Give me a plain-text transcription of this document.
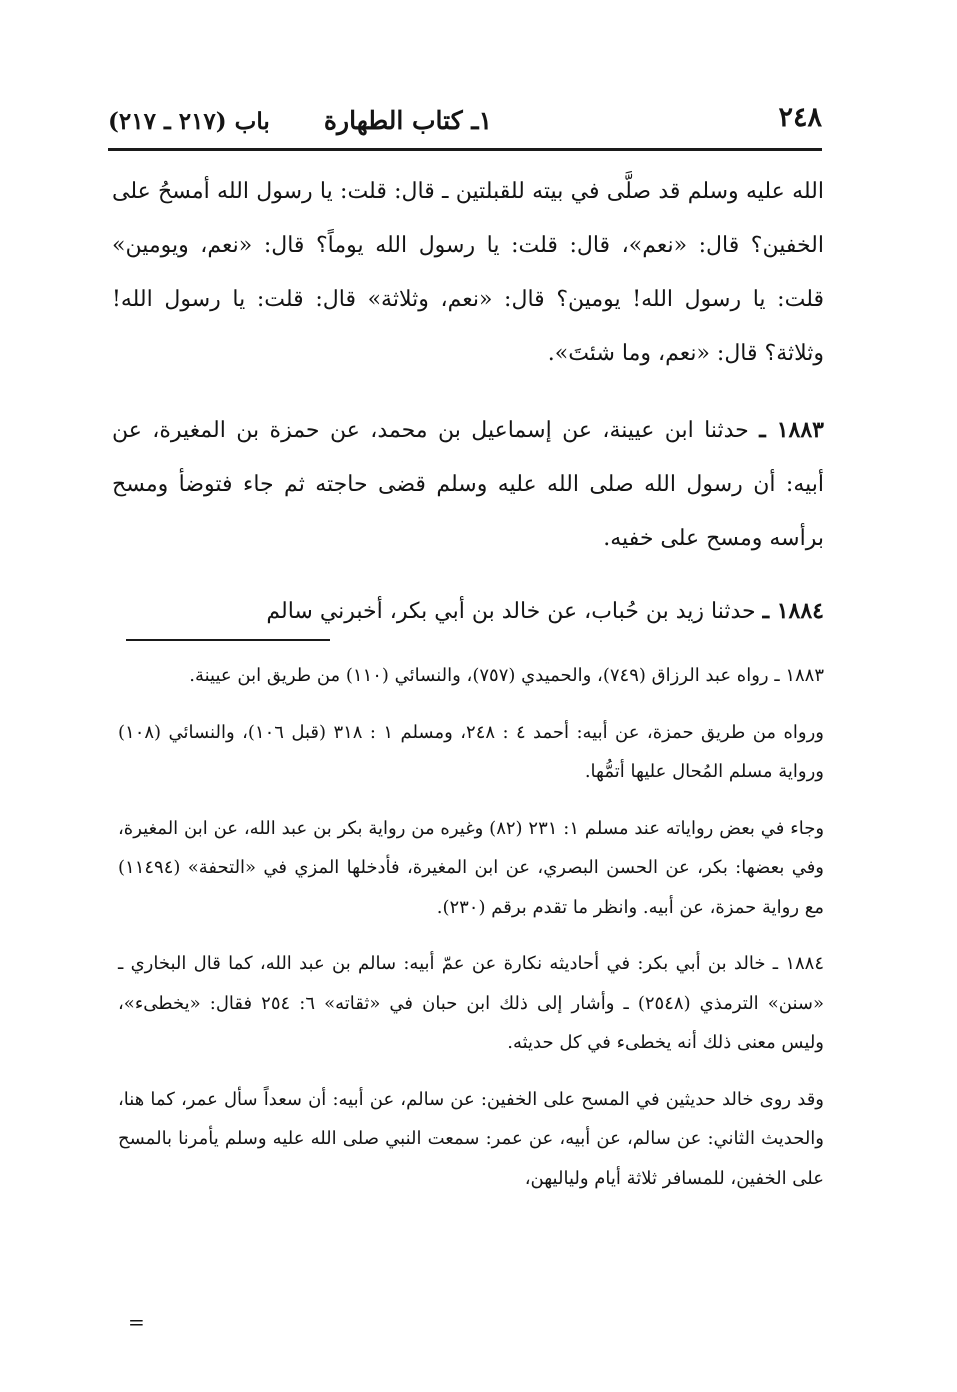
باب (٢١٧ ـ ٢١٧)	١ـ كتاب الطهارة	٢٤٨

الله عليه وسلم قد صلَّى في بيته للقبلتين ـ قال: قلت: يا رسول الله أمسحُ على الخفين؟ قال: «نعم»، قال: قلت: يا رسول الله يوماً؟ قال: «نعم، ويومين» قلت: يا رسول الله! يومين؟ قال: «نعم، وثلاثة» قال: قلت: يا رسول الله! وثلاثة؟ قال: «نعم، وما شئتَ».

١٨٨٣ ـ حدثنا ابن عيينة، عن إسماعيل بن محمد، عن حمزة بن المغيرة، عن أبيه: أن رسول الله صلى الله عليه وسلم قضى حاجته ثم جاء فتوضأ ومسح برأسه ومسح على خفيه.

١٨٨٤ ـ حدثنا زيد بن حُباب، عن خالد بن أبي بكر، أخبرني سالم

١٨٨٣ ـ رواه عبد الرزاق (٧٤٩)، والحميدي (٧٥٧)، والنسائي (١١٠) من طريق ابن عيينة.

ورواه من طريق حمزة، عن أبيه: أحمد ٤ : ٢٤٨، ومسلم ١ : ٣١٨ (قبل ١٠٦)، والنسائي (١٠٨) ورواية مسلم المُحال عليها أتمُّها.

وجاء في بعض رواياته عند مسلم ١: ٢٣١ (٨٢) وغيره من رواية بكر بن عبد الله، عن ابن المغيرة، وفي بعضها: بكر، عن الحسن البصري، عن ابن المغيرة، فأدخلها المزي في «التحفة» (١١٤٩٤) مع رواية حمزة، عن أبيه. وانظر ما تقدم برقم (٢٣٠).

١٨٨٤ ـ خالد بن أبي بكر: في أحاديثه نكارة عن عمّ أبيه: سالم بن عبد الله، كما قال البخاري ـ «سنن» الترمذي (٢٥٤٨) ـ وأشار إلى ذلك ابن حبان في «ثقاته» ٦: ٢٥٤ فقال: «يخطىء»، وليس معنى ذلك أنه يخطىء في كل حديثه.

وقد روى خالد حديثين في المسح على الخفين: عن سالم، عن أبيه: أن سعداً سأل عمر، كما هنا، والحديث الثاني: عن سالم، عن أبيه، عن عمر: سمعت النبي صلى الله عليه وسلم يأمرنا بالمسح على الخفين، للمسافر ثلاثة أيام ولياليهن،

=
